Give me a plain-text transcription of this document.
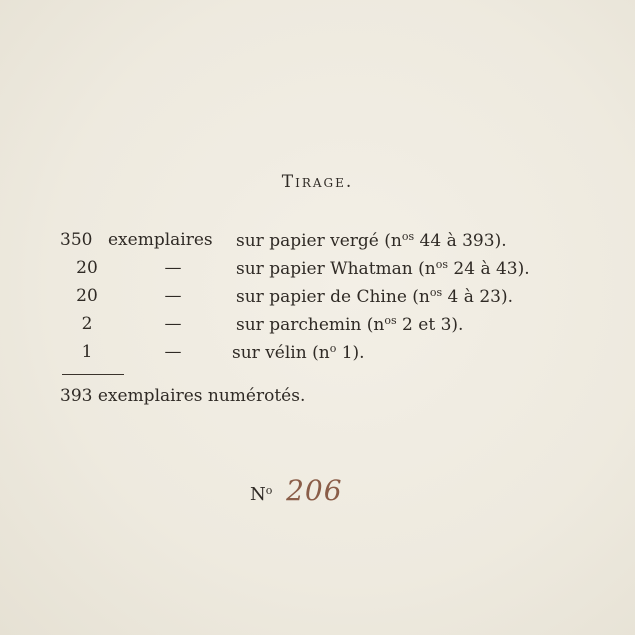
Tirage.
350 exemplaires sur papier vergé ($n^{os}$ 44 à 393).
20	—	sur papier Whatman ($n^{os}$ 24 à 43).
20	—	sur papier de Chine ($n^{os}$ 4 à 23).
2	—	sur parchemin ($n^{os}$ 2 et 3).
1	—	sur vélin ($n^o$ 1).
393 exemplaires numérotés.
$N^o$ 206
